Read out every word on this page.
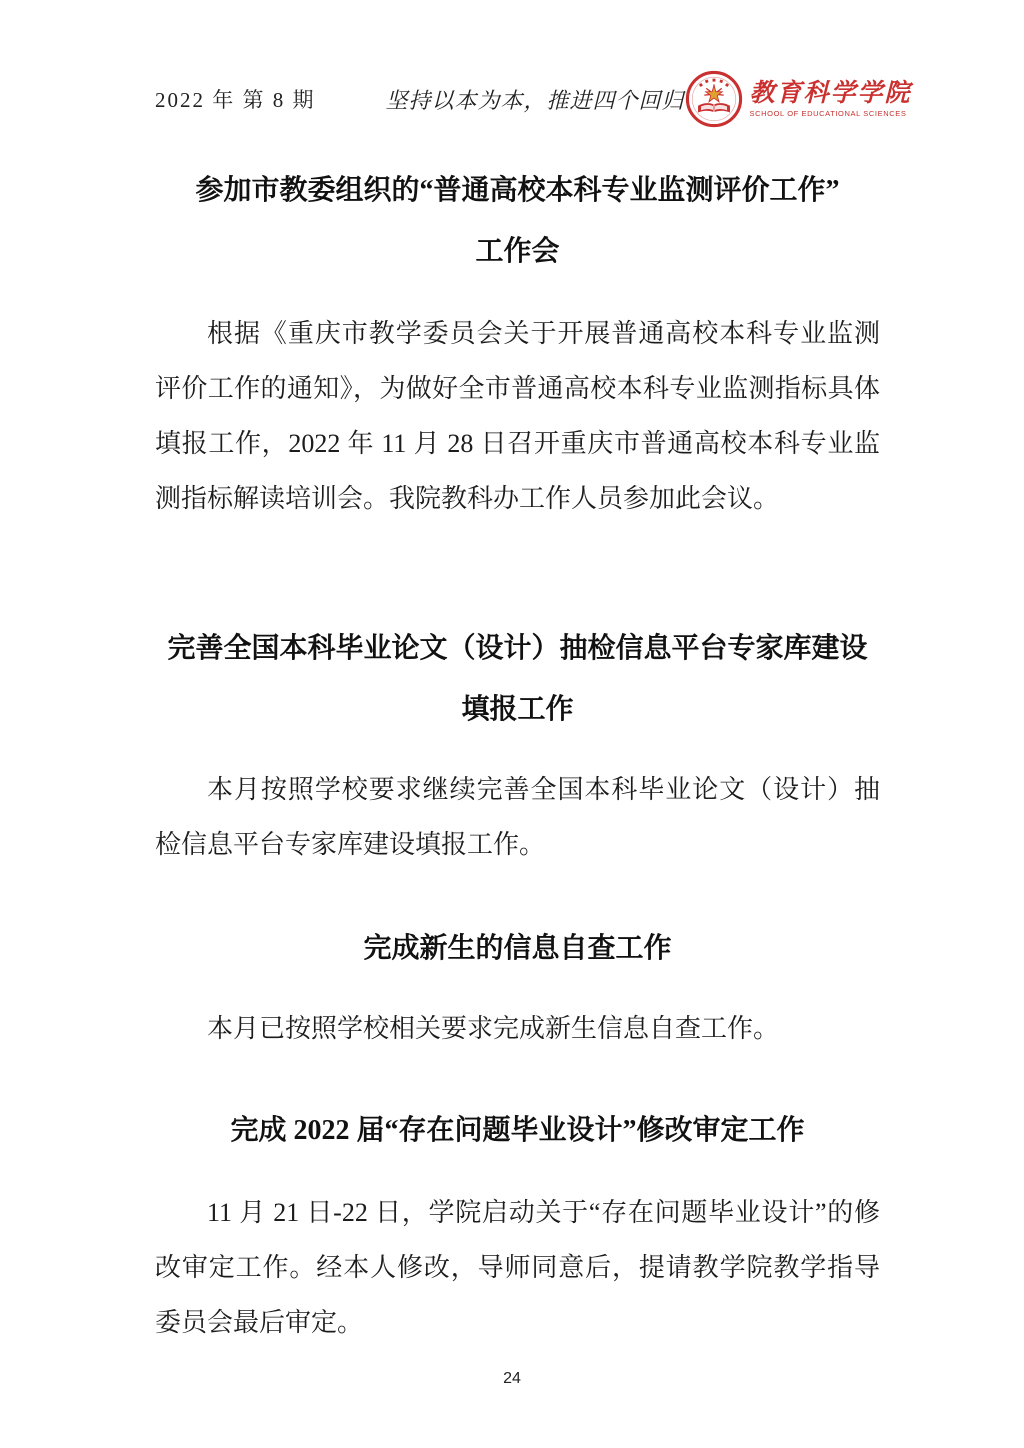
2022 年 第 8 期	坚持以本为本，推进四个回归	教育科学学院
SCHOOL OF EDUCATIONAL SCIENCES
参加市教委组织的“普通高校本科专业监测评价工作”
工作会

根据《重庆市教学委员会关于开展普通高校本科专业监测评价工作的通知》，为做好全市普通高校本科专业监测指标具体填报工作，2022 年 11 月 28 日召开重庆市普通高校本科专业监测指标解读培训会。我院教科办工作人员参加此会议。

完善全国本科毕业论文（设计）抽检信息平台专家库建设
填报工作

本月按照学校要求继续完善全国本科毕业论文（设计）抽检信息平台专家库建设填报工作。

完成新生的信息自查工作

本月已按照学校相关要求完成新生信息自查工作。

完成 2022 届“存在问题毕业设计”修改审定工作

11 月 21 日-22 日，学院启动关于“存在问题毕业设计”的修改审定工作。经本人修改，导师同意后，提请教学院教学指导委员会最后审定。

24
